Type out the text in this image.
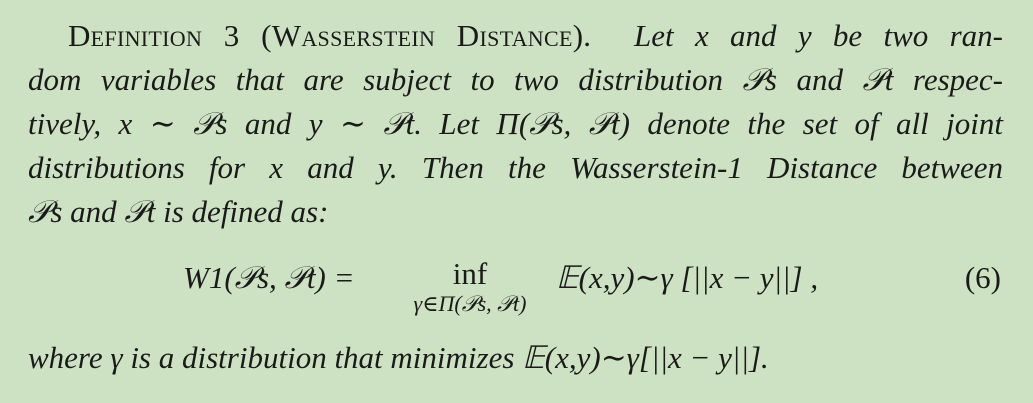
Definition 3 (Wasserstein Distance). Let x and y be two ran-
dom variables that are subject to two distribution 𝒫s and 𝒫t respec-
tively, x ∼ 𝒫s and y ∼ 𝒫t. Let Π(𝒫s, 𝒫t) denote the set of all joint
distributions for x and y. Then the Wasserstein-1 Distance between
𝒫s and 𝒫t is defined as:
W1(𝒫s, 𝒫t) =	inf
γ∈Π(𝒫s, 𝒫t)
𝔼(x,y)∼γ [||x − y||] ,	(6)
where γ is a distribution that minimizes 𝔼(x,y)∼γ[||x − y||].
